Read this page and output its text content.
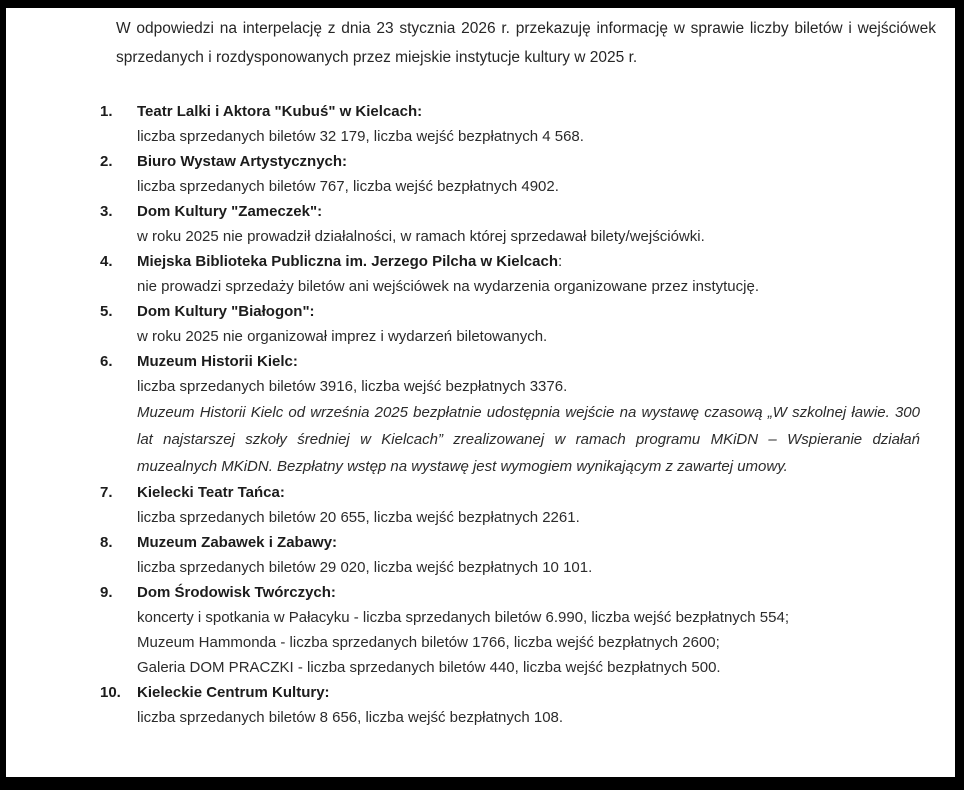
W odpowiedzi na interpelację z dnia 23 stycznia 2026 r. przekazuję informację w sprawie liczby biletów i wejściówek sprzedanych i rozdysponowanych przez miejskie instytucje kultury w 2025 r.

1.	Teatr Lalki i Aktora "Kubuś" w Kielcach:
liczba sprzedanych biletów 32 179, liczba wejść bezpłatnych 4 568.
2.	Biuro Wystaw Artystycznych:
liczba sprzedanych biletów 767, liczba wejść bezpłatnych 4902.
3.	Dom Kultury "Zameczek":
w roku 2025 nie prowadził działalności, w ramach której sprzedawał bilety/wejściówki.
4.	Miejska Biblioteka Publiczna im. Jerzego Pilcha w Kielcach:
nie prowadzi sprzedaży biletów ani wejściówek na wydarzenia organizowane przez instytucję.
5.	Dom Kultury "Białogon":
w roku 2025 nie organizował imprez i wydarzeń biletowanych.
6.	Muzeum Historii Kielc:
liczba sprzedanych biletów 3916, liczba wejść bezpłatnych 3376.
Muzeum Historii Kielc od września 2025 bezpłatnie udostępnia wejście na wystawę czasową „W szkolnej ławie. 300 lat najstarszej szkoły średniej w Kielcach” zrealizowanej w ramach programu MKiDN – Wspieranie działań muzealnych MKiDN. Bezpłatny wstęp na wystawę jest wymogiem wynikającym z zawartej umowy.
7.	Kielecki Teatr Tańca:
liczba sprzedanych biletów 20 655, liczba wejść bezpłatnych 2261.
8.	Muzeum Zabawek i Zabawy:
liczba sprzedanych biletów 29 020, liczba wejść bezpłatnych 10 101.
9.	Dom Środowisk Twórczych:
koncerty i spotkania w Pałacyku - liczba sprzedanych biletów 6.990, liczba wejść bezpłatnych 554;
Muzeum Hammonda - liczba sprzedanych biletów 1766, liczba wejść bezpłatnych 2600;
Galeria DOM PRACZKI - liczba sprzedanych biletów 440, liczba wejść bezpłatnych 500.
10.	Kieleckie Centrum Kultury:
liczba sprzedanych biletów 8 656, liczba wejść bezpłatnych 108.
